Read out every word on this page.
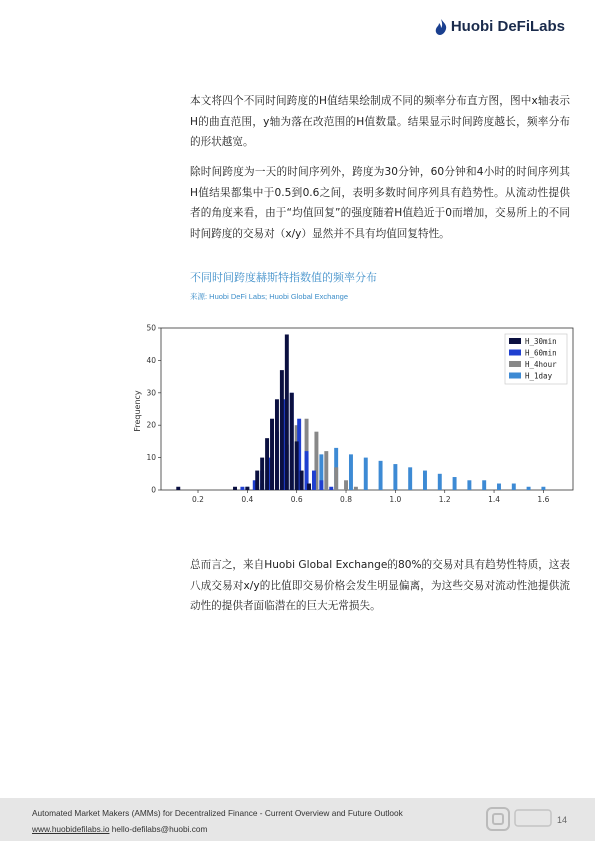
Huobi DeFiLabs

本文将四个不同时间跨度的H值结果绘制成不同的频率分布直方图，图中x轴表示H的曲直范围，y轴为落在改范围的H值数量。结果显示时间跨度越长，频率分布的形状越宽。

除时间跨度为一天的时间序列外，跨度为30分钟，60分钟和4小时的时间序列其H值结果都集中于0.5到0.6之间，表明多数时间序列具有趋势性。从流动性提供者的角度来看，由于“均值回复”的强度随着H值趋近于0而增加，交易所上的不同时间跨度的交易对（x/y）显然并不具有均值回复特性。

不同时间跨度赫斯特指数值的频率分布

来源: Huobi DeFi Labs; Huobi Global Exchange

0.2	0.4	0.6	0.8	1.0	1.2	1.4	1.6
0
10
20
30
40
50
H_30min
H_60min
H_4hour
H_1day
Frequency

总而言之，来自Huobi Global Exchange的80%的交易对具有趋势性特质，这表八成交易对x/y的比值即交易价格会发生明显偏离，为这些交易对流动性池提供流动性的提供者面临潜在的巨大无常损失。

Automated Market Makers (AMMs) for Decentralized Finance - Current Overview and Future Outlook
www.huobidefilabs.io hello-defilabs@huobi.com
14
